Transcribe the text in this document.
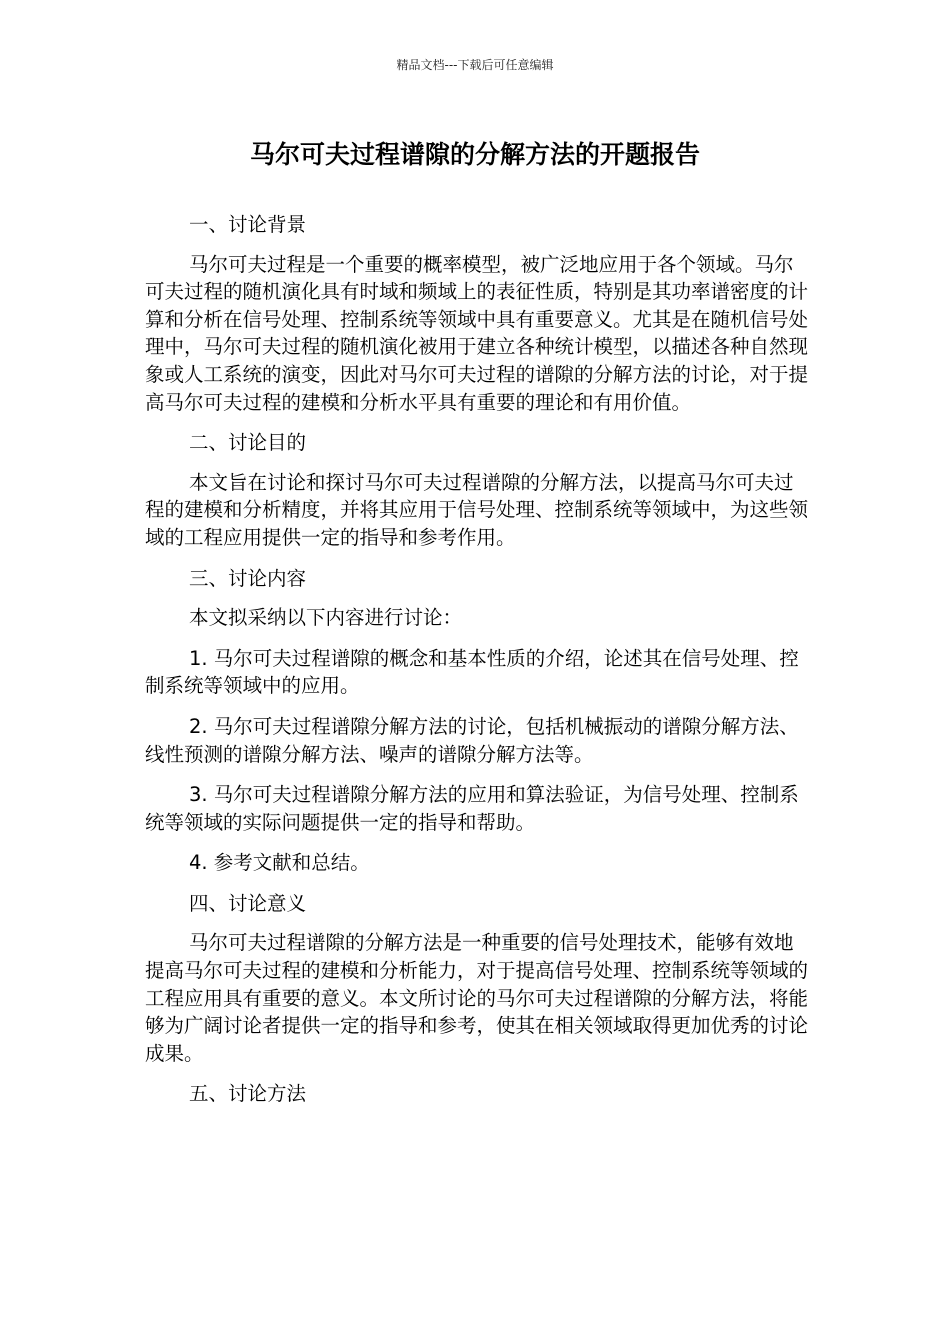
精品文档---下载后可任意编辑
马尔可夫过程谱隙的分解方法的开题报告

一、讨论背景

马尔可夫过程是一个重要的概率模型，被广泛地应用于各个领域。马尔可夫过程的随机演化具有时域和频域上的表征性质，特别是其功率谱密度的计算和分析在信号处理、控制系统等领域中具有重要意义。尤其是在随机信号处理中，马尔可夫过程的随机演化被用于建立各种统计模型，以描述各种自然现象或人工系统的演变，因此对马尔可夫过程的谱隙的分解方法的讨论，对于提高马尔可夫过程的建模和分析水平具有重要的理论和有用价值。

二、讨论目的

本文旨在讨论和探讨马尔可夫过程谱隙的分解方法，以提高马尔可夫过程的建模和分析精度，并将其应用于信号处理、控制系统等领域中，为这些领域的工程应用提供一定的指导和参考作用。

三、讨论内容

本文拟采纳以下内容进行讨论：

1. 马尔可夫过程谱隙的概念和基本性质的介绍，论述其在信号处理、控制系统等领域中的应用。

2. 马尔可夫过程谱隙分解方法的讨论，包括机械振动的谱隙分解方法、线性预测的谱隙分解方法、噪声的谱隙分解方法等。

3. 马尔可夫过程谱隙分解方法的应用和算法验证，为信号处理、控制系统等领域的实际问题提供一定的指导和帮助。

4. 参考文献和总结。

四、讨论意义

马尔可夫过程谱隙的分解方法是一种重要的信号处理技术，能够有效地提高马尔可夫过程的建模和分析能力，对于提高信号处理、控制系统等领域的工程应用具有重要的意义。本文所讨论的马尔可夫过程谱隙的分解方法，将能够为广阔讨论者提供一定的指导和参考，使其在相关领域取得更加优秀的讨论成果。

五、讨论方法
